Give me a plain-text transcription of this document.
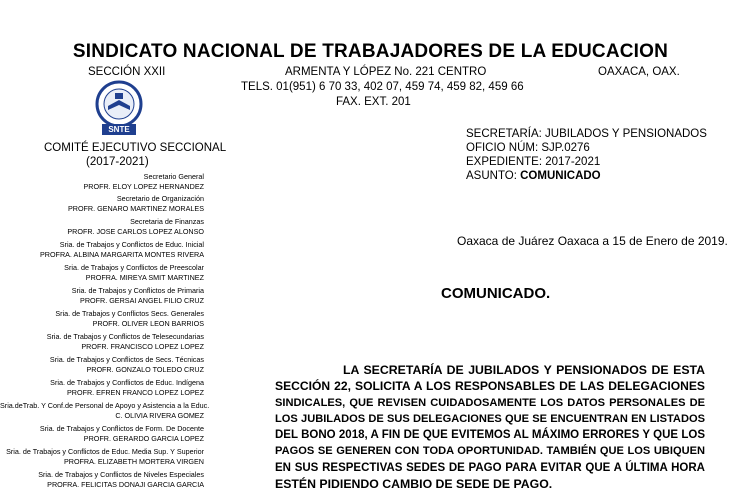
SINDICATO NACIONAL DE TRABAJADORES DE LA EDUCACION
SECCIÓN XXII	ARMENTA Y LÓPEZ No. 221 CENTRO	OAXACA, OAX.
TELS. 01(951) 6 70 33, 402 07, 459 74, 459 82, 459 66
FAX. EXT. 201
SNTE
COMITÉ EJECUTIVO SECCIONAL
(2017-2021)
Secretario General
PROFR. ELOY LOPEZ HERNANDEZ
Secretario de Organización
PROFR. GENARO MARTINEZ MORALES
Secretaria de Finanzas
PROFR. JOSE CARLOS LOPEZ ALONSO
Sria. de Trabajos y Conflictos de Educ. Inicial
PROFRA. ALBINA MARGARITA MONTES RIVERA
Sria. de Trabajos y Conflictos de Preescolar
PROFRA. MIREYA SMIT MARTINEZ
Sria. de Trabajos y Conflictos de Primaria
PROFR. GERSAI ANGEL FILIO CRUZ
Sria. de Trabajos y Conflictos Secs. Generales
PROFR. OLIVER LEON BARRIOS
Sria. de Trabajos y Conflictos de Telesecundarias
PROFR. FRANCISCO LOPEZ LOPEZ
Sria. de Trabajos y Conflictos de Secs. Técnicas
PROFR. GONZALO TOLEDO CRUZ
Sria. de Trabajos y Conflictos de Educ. Indígena
PROFR. EFREN FRANCO LOPEZ LOPEZ
Sria.deTrab. Y Conf.de Personal de Apoyo y Asistencia a la Educ.
C. OLIVIA RIVERA GOMEZ
Sria. de Trabajos y Conflictos de Form. De Docente
PROFR. GERARDO GARCIA LOPEZ
Sria. de Trabajos y Conflictos de Educ. Media Sup. Y Superior
PROFRA. ELIZABETH MORTERA VIRGEN
Sria. de Trabajos y Conflictos de Niveles Especiales
PROFRA. FELICITAS DONAJI GARCIA GARCIA
SECRETARÍA: JUBILADOS Y PENSIONADOS
OFICIO NÚM: SJP.0276
EXPEDIENTE: 2017-2021
ASUNTO: COMUNICADO
Oaxaca de Juárez Oaxaca a 15 de Enero de 2019.
COMUNICADO.
LA SECRETARÍA DE JUBILADOS Y PENSIONADOS DE ESTA
SECCIÓN 22, SOLICITA A LOS RESPONSABLES DE LAS DELEGACIONES
SINDICALES, QUE REVISEN CUIDADOSAMENTE LOS DATOS PERSONALES DE
LOS JUBILADOS DE SUS DELEGACIONES QUE SE ENCUENTRAN EN LISTADOS
DEL BONO 2018, A FIN DE QUE EVITEMOS AL MÁXIMO ERRORES Y QUE LOS
PAGOS SE GENEREN CON TODA OPORTUNIDAD. TAMBIÉN QUE LOS UBIQUEN
EN SUS RESPECTIVAS SEDES DE PAGO PARA EVITAR QUE A ÚLTIMA HORA
ESTÉN PIDIENDO CAMBIO DE SEDE DE PAGO.
